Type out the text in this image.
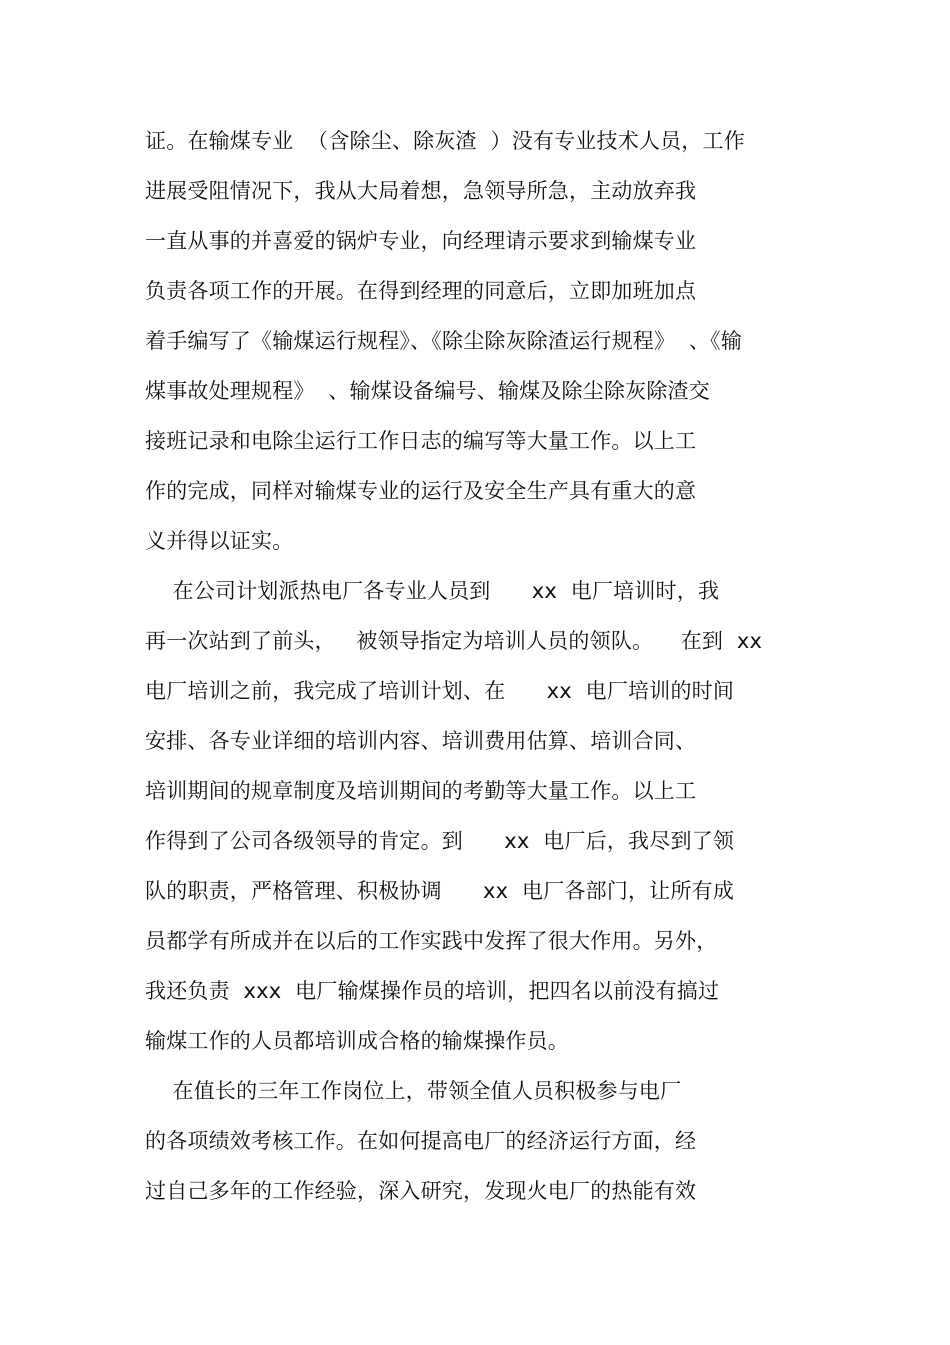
证。在输煤专业  （含除尘、除灰渣  ）没有专业技术人员，工作
进展受阻情况下，我从大局着想，急领导所急，主动放弃我
一直从事的并喜爱的锅炉专业，向经理请示要求到输煤专业
负责各项工作的开展。在得到经理的同意后，立即加班加点
着手编写了《输煤运行规程》、《除尘除灰除渣运行规程》  、《输
煤事故处理规程》  、输煤设备编号、输煤及除尘除灰除渣交
接班记录和电除尘运行工作日志的编写等大量工作。以上工
作的完成，同样对输煤专业的运行及安全生产具有重大的意
义并得以证实。
在公司计划派热电厂各专业人员到      xx  电厂培训时，我
再一次站到了前头，   被领导指定为培训人员的领队。    在到  xx
电厂培训之前，我完成了培训计划、在      xx  电厂培训的时间
安排、各专业详细的培训内容、培训费用估算、培训合同、
培训期间的规章制度及培训期间的考勤等大量工作。以上工
作得到了公司各级领导的肯定。到      xx  电厂后，我尽到了领
队的职责，严格管理、积极协调      xx  电厂各部门，让所有成
员都学有所成并在以后的工作实践中发挥了很大作用。另外，
我还负责  xxx  电厂输煤操作员的培训，把四名以前没有搞过
输煤工作的人员都培训成合格的输煤操作员。
在值长的三年工作岗位上，带领全值人员积极参与电厂
的各项绩效考核工作。在如何提高电厂的经济运行方面，经
过自己多年的工作经验，深入研究，发现火电厂的热能有效
